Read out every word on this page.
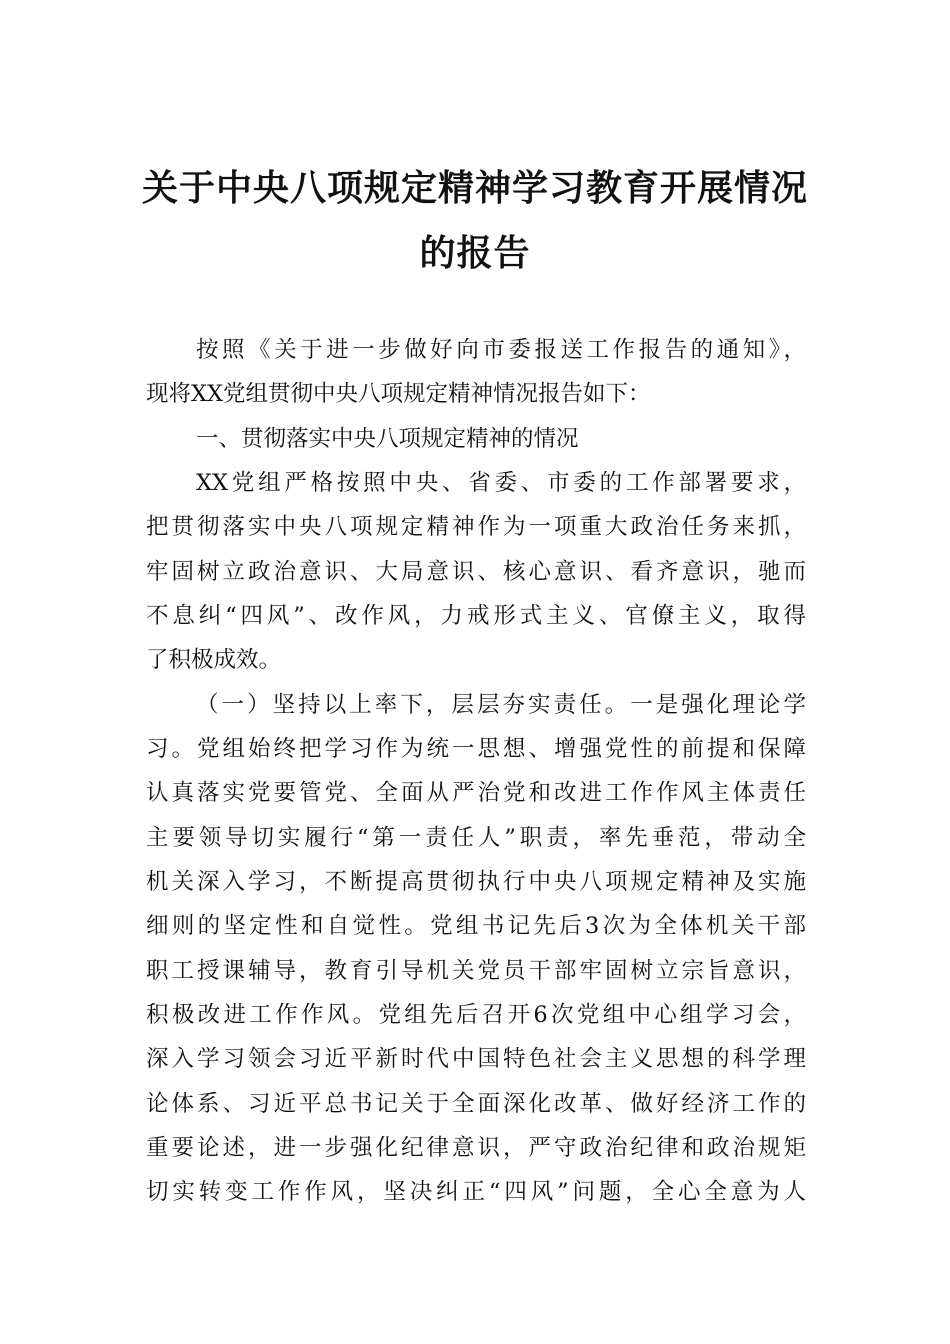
关于中央八项规定精神学习教育开展情况
的报告
按照《关于进一步做好向市委报送工作报告的通知》，
现将XX党组贯彻中央八项规定精神情况报告如下：
一、贯彻落实中央八项规定精神的情况
XX党组严格按照中央、省委、市委的工作部署要求，
把贯彻落实中央八项规定精神作为一项重大政治任务来抓，
牢固树立政治意识、大局意识、核心意识、看齐意识，驰而
不息纠“四风”、改作风，力戒形式主义、官僚主义，取得
了积极成效。
（一）坚持以上率下，层层夯实责任。一是强化理论学
习。党组始终把学习作为统一思想、增强党性的前提和保障
认真落实党要管党、全面从严治党和改进工作作风主体责任
主要领导切实履行“第一责任人”职责，率先垂范，带动全
机关深入学习，不断提高贯彻执行中央八项规定精神及实施
细则的坚定性和自觉性。党组书记先后3次为全体机关干部
职工授课辅导，教育引导机关党员干部牢固树立宗旨意识，
积极改进工作作风。党组先后召开6次党组中心组学习会，
深入学习领会习近平新时代中国特色社会主义思想的科学理
论体系、习近平总书记关于全面深化改革、做好经济工作的
重要论述，进一步强化纪律意识，严守政治纪律和政治规矩
切实转变工作作风，坚决纠正“四风”问题，全心全意为人
